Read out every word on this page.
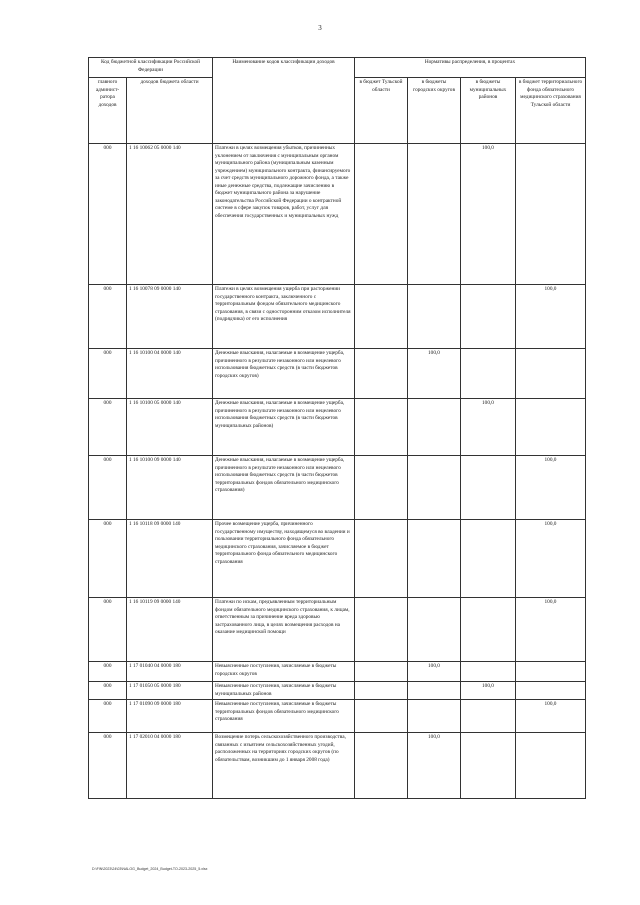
3
Код бюджетной классификации Российской Федерации		Наименование кодов классификации доходов	Нормативы распределения, в процентах			
главного админист-ратора доходов	доходов бюджета области		в бюджет Тульской области	в бюджеты городских округов	в бюджеты муниципальных районов	в бюджет территориального фонда обязательного медицинского страхования Тульской области
000	1 16 10062 05 0000 140	Платежи в целях возмещения убытков, причиненных уклонением от заключения с муниципальным органом муниципального района (муниципальным казенным учреждением) муниципального контракта, финансируемого за счет средств муниципального дорожного фонда, а также иные денежные средства, подлежащие зачислению в бюджет муниципального района за нарушение законодательства Российской Федерации о контрактной системе в сфере закупок товаров, работ, услуг для обеспечения государственных и муниципальных нужд			100,0	
000	1 16 10078 09 0000 140	Платежи в целях возмещения ущерба при расторжении государственного контракта, заключенного с территориальным фондом обязательного медицинского страхования, в связи с односторонним отказом исполнителя (подрядчика) от его исполнения				100,0
000	1 16 10100 04 0000 140	Денежные взыскания, налагаемые в возмещение ущерба, причиненного в результате незаконного или нецелевого использования бюджетных средств (в части бюджетов городских округов)		100,0		
000	1 16 10100 05 0000 140	Денежные взыскания, налагаемые в возмещение ущерба, причиненного в результате незаконного или нецелевого использования бюджетных средств (в части бюджетов муниципальных районов)			100,0	
000	1 16 10100 09 0000 140	Денежные взыскания, налагаемые в возмещение ущерба, причиненного в результате незаконного или нецелевого использования бюджетных средств (в части бюджетов территориальных фондов обязательного медицинского страхования)				100,0
000	1 16 10118 09 0000 140	Прочее возмещение ущерба, причиненного государственному имуществу, находящемуся во владении и пользовании территориального фонда обязательного медицинского страхования, зачисляемое в бюджет территориального фонда обязательного медицинского страхования				100,0
000	1 16 10119 09 0000 140	Платежи по искам, предъявленным территориальным фондом обязательного медицинского страхования, к лицам, ответственным за причинение вреда здоровью застрахованного лица, в целях возмещения расходов на оказание медицинской помощи				100,0
000	1 17 01040 04 0000 180	Невыясненные поступления, зачисляемые в бюджеты городских округов		100,0		
000	1 17 01050 05 0000 180	Невыясненные поступления, зачисляемые в бюджеты муниципальных районов			100,0	
000	1 17 01090 09 0000 180	Невыясненные поступления, зачисляемые в бюджеты территориальных фондов обязательного медицинского страхования				100,0
000	1 17 02010 04 0000 180	Возмещение потерь сельскохозяйственного производства, связанных с изъятием сельскохозяйственных угодий, расположенных на территориях городских округов (по обязательствам, возникшим до 1 января 2008 года)		100,0		
D:\FIN\2023\24\03\NALOG_Budget_2024_Budget-TO-2023-2025_5.xlsx
